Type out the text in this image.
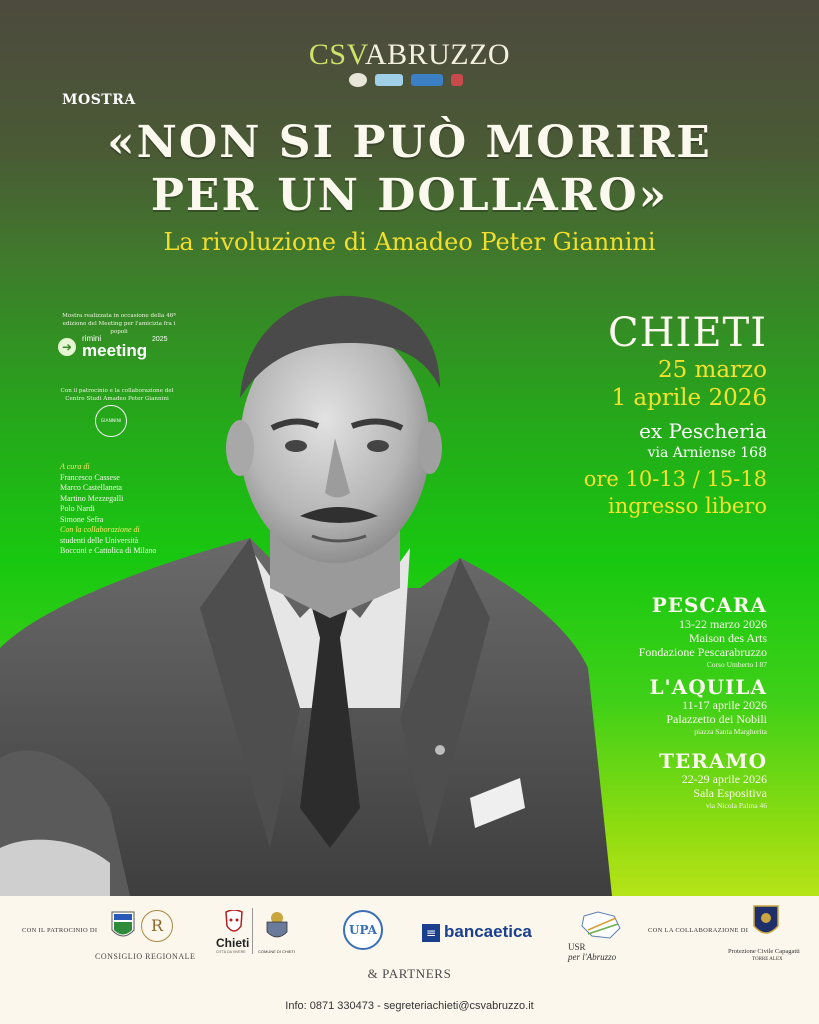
CSVABRUZZO
MOSTRA
«NON SI PUÒ MORIRE
PER UN DOLLARO»
La rivoluzione di Amadeo Peter Giannini
Mostra realizzata in occasione della 46ª edizione del Meeting per l'amicizia fra i popoli
➜
rimini
meeting
2025
Con il patrocinio e la collaborazione del Centro Studi Amadeo Peter Giannini
GIANNINI
A cura di
Francesco Cassese
Marco Castellaneta
Martino Mezzegalli
Polo Nardi
Simone Sefra
Con la collaborazione di
studenti delle Università
Bocconi e Cattolica di Milano
CHIETI
25 marzo
1 aprile 2026
ex Pescheria
via Arniense 168
ore 10-13 / 15-18
ingresso libero
PESCARA
13-22 marzo 2026
Maison des Arts
Fondazione Pescarabruzzo
Corso Umberto I 87
L'AQUILA
11-17 aprile 2026
Palazzetto dei Nobili
piazza Santa Margherita
TERAMO
22-29 aprile 2026
Sala Espositiva
via Nicola Palma 46
CON IL PATROCINIO DI	R
CONSIGLIO REGIONALE
Chieti
CITTÀ DA VIVERE	COMUNE DI CHIETI
UPA	≡ bancaetica
USR
per l'Abruzzo
CON LA COLLABORAZIONE DI
Protezione Civile Capagatti
TORRE ALEX
& PARTNERS
Info: 0871 330473 - segreteriachieti@csvabruzzo.it
